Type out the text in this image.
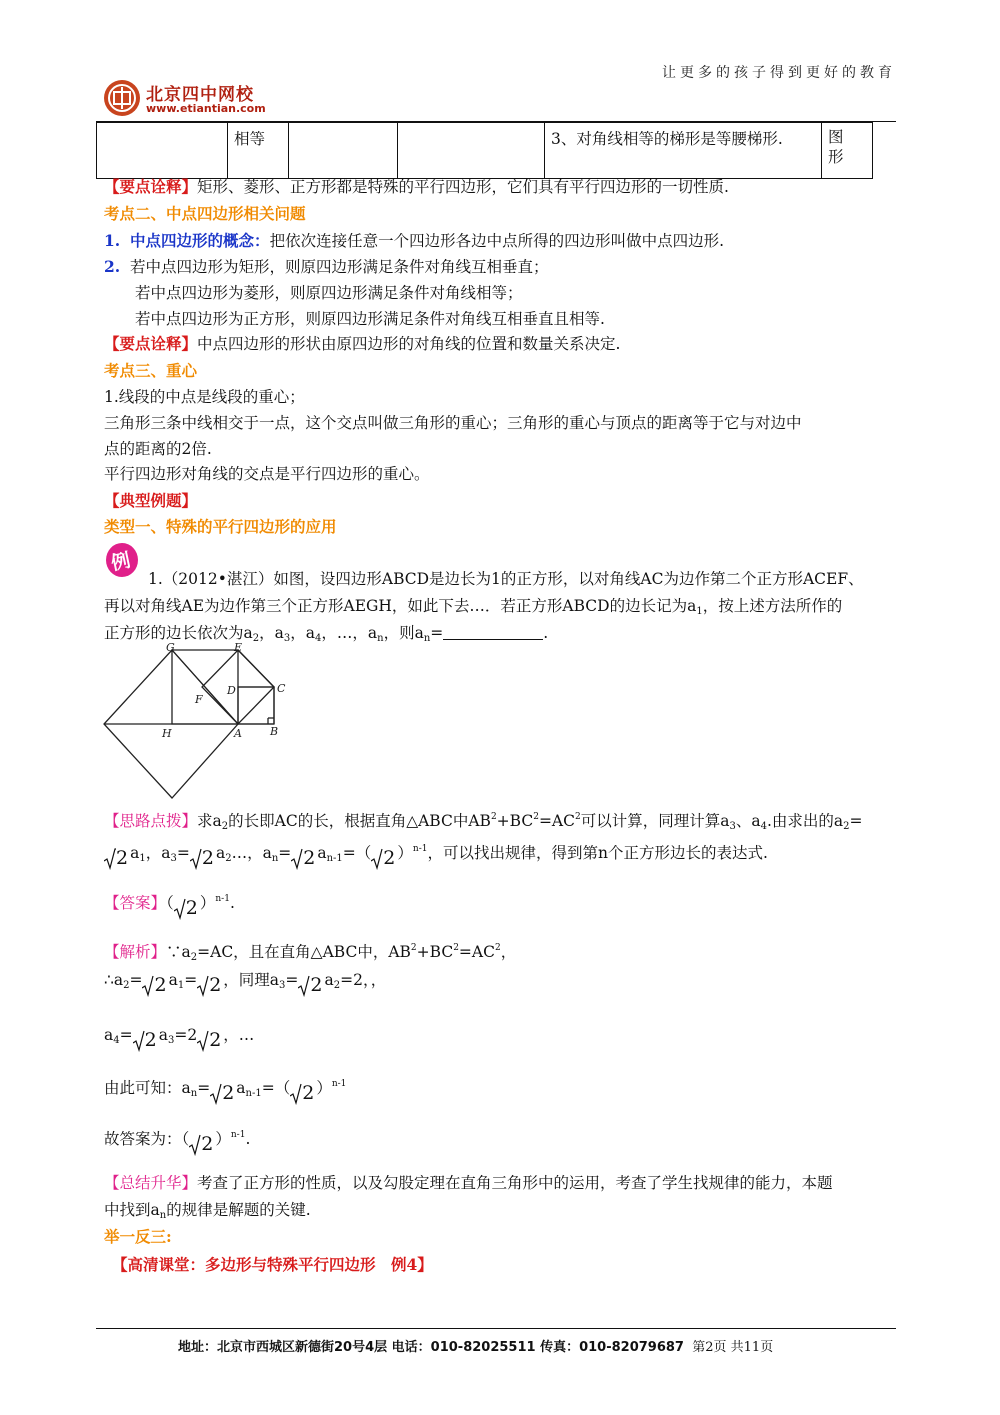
让更多的孩子得到更好的教育
北京四中网校
www.etiantian.com
	相等			3、对角线相等的梯形是等腰梯形.	图
形
【要点诠释】矩形、菱形、正方形都是特殊的平行四边形，它们具有平行四边形的一切性质.
考点二、中点四边形相关问题
1. 中点四边形的概念：把依次连接任意一个四边形各边中点所得的四边形叫做中点四边形.
2. 若中点四边形为矩形，则原四边形满足条件对角线互相垂直；
若中点四边形为菱形，则原四边形满足条件对角线相等；
若中点四边形为正方形，则原四边形满足条件对角线互相垂直且相等.
【要点诠释】中点四边形的形状由原四边形的对角线的位置和数量关系决定.
考点三、重心
1.线段的中点是线段的重心；
三角形三条中线相交于一点，这个交点叫做三角形的重心；三角形的重心与顶点的距离等于它与对边中
点的距离的2倍.
平行四边形对角线的交点是平行四边形的重心。
【典型例题】
类型一、特殊的平行四边形的应用
例
1.（2012•湛江）如图，设四边形ABCD是边长为1的正方形，以对角线AC为边作第二个正方形ACEF、
再以对角线AE为边作第三个正方形AEGH，如此下去…．若正方形ABCD的边长记为$a_1$，按上述方法所作的
正方形的边长依次为$a_2$，$a_3$，$a_4$，…，$a_n$，则$a_n=$	.
G	E
D	C
F
H	A	B
【思路点拨】求$a_2$的长即AC的长，根据直角△ABC中$AB^2+BC^2=AC^2$可以计算，同理计算$a_3$、$a_4$.由求出的$a_2=$
2 $a_1$，$a_3= 2$ $a_2\dots$，$a_n= 2$ $a_{n-1}=$（ 2 ）$^{n-1}$，可以找出规律，得到第n个正方形边长的表达式.
【答案】（ 2 ）$^{n-1}$.
【解析】$\because a_2=AC$，且在直角△ABC中，$AB^2+BC^2=AC^2$，
$\therefore a_2= 2$ $a_1= 2$ ，同理$a_3= 2$ $a_2=2$，，
$a_4= 2$ $a_3=2$ 2 ，…
由此可知：$a_n= 2$ $a_{n-1}=$（ 2 ）$^{n-1}$
故答案为：（ 2 ）$^{n-1}$.
【总结升华】考查了正方形的性质，以及勾股定理在直角三角形中的运用，考查了学生找规律的能力，本题
中找到$a_n$的规律是解题的关键.
举一反三:
【高清课堂：多边形与特殊平行四边形　例4】
地址：北京市西城区新德街20号4层 电话：010-82025511 传真：010-82079687 第2页 共11页
